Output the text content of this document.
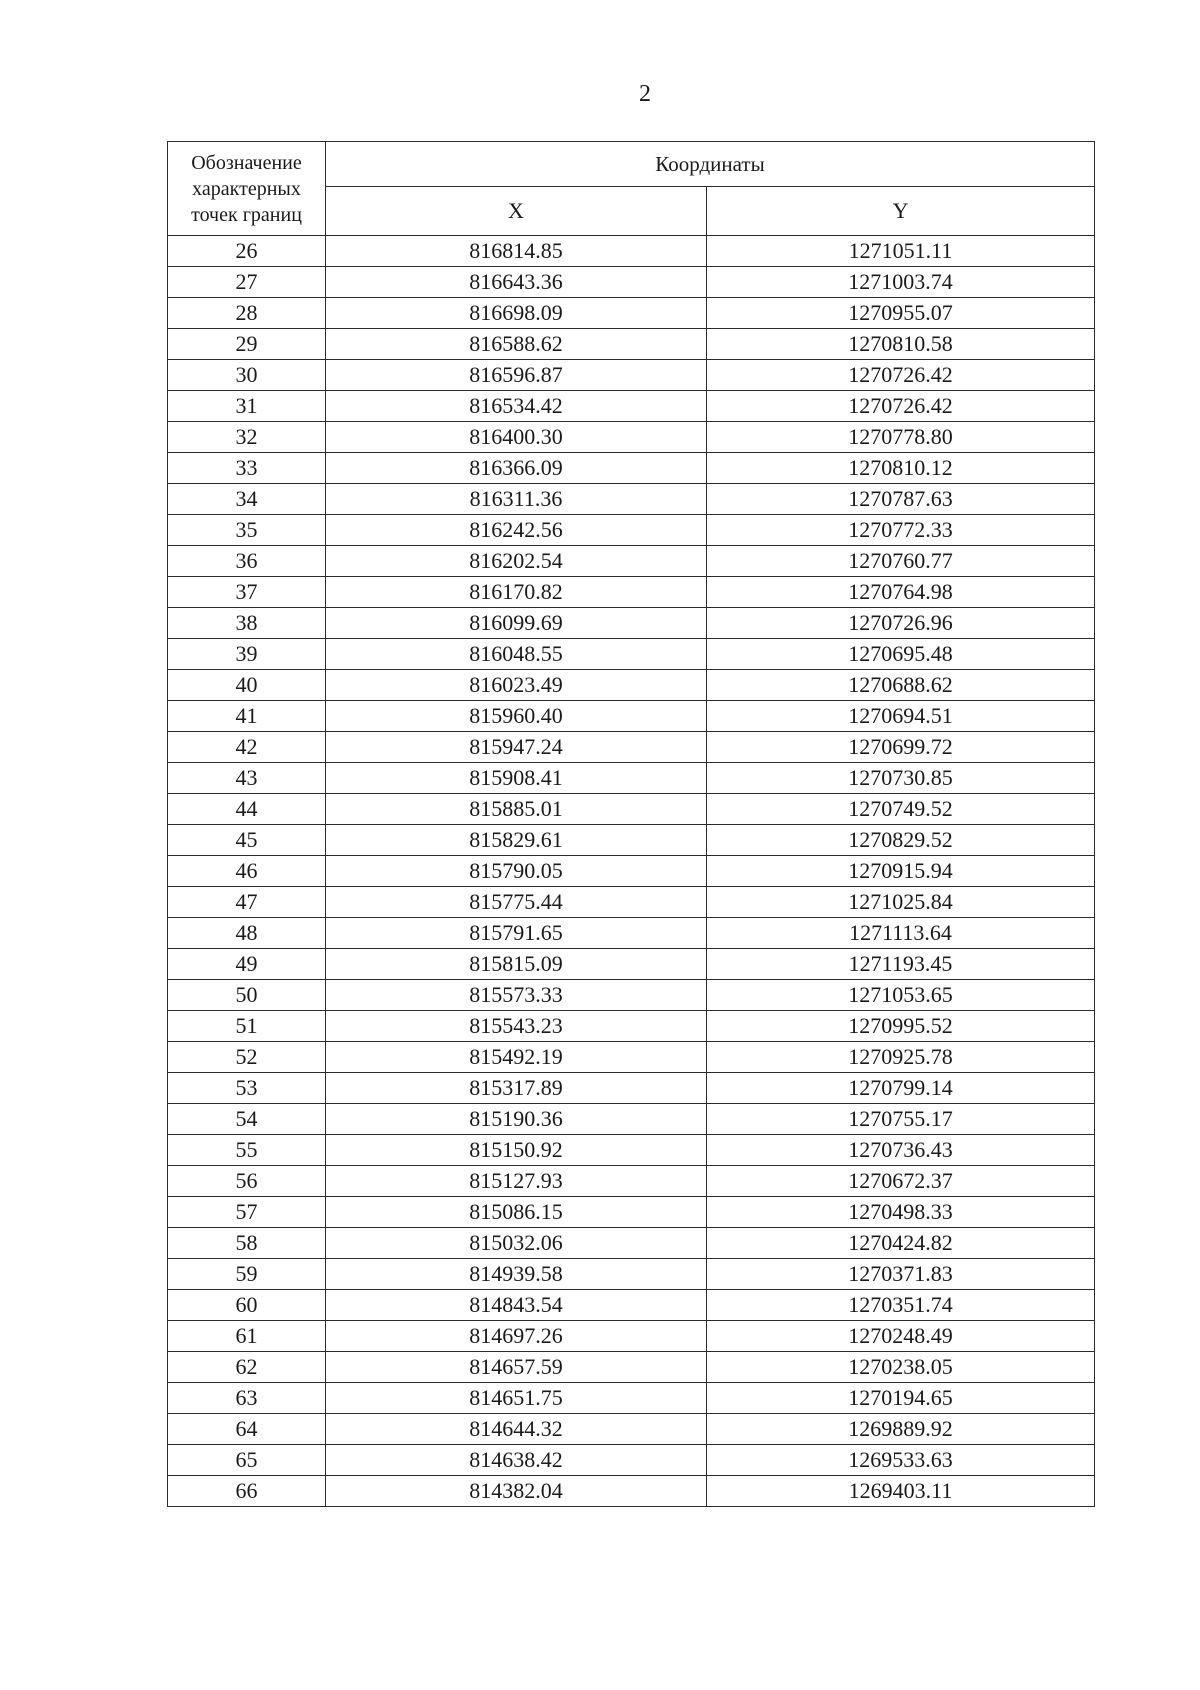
2
Обозначение характерных точек границ	Координаты	
	X	Y
26	816814.85	1271051.11
27	816643.36	1271003.74
28	816698.09	1270955.07
29	816588.62	1270810.58
30	816596.87	1270726.42
31	816534.42	1270726.42
32	816400.30	1270778.80
33	816366.09	1270810.12
34	816311.36	1270787.63
35	816242.56	1270772.33
36	816202.54	1270760.77
37	816170.82	1270764.98
38	816099.69	1270726.96
39	816048.55	1270695.48
40	816023.49	1270688.62
41	815960.40	1270694.51
42	815947.24	1270699.72
43	815908.41	1270730.85
44	815885.01	1270749.52
45	815829.61	1270829.52
46	815790.05	1270915.94
47	815775.44	1271025.84
48	815791.65	1271113.64
49	815815.09	1271193.45
50	815573.33	1271053.65
51	815543.23	1270995.52
52	815492.19	1270925.78
53	815317.89	1270799.14
54	815190.36	1270755.17
55	815150.92	1270736.43
56	815127.93	1270672.37
57	815086.15	1270498.33
58	815032.06	1270424.82
59	814939.58	1270371.83
60	814843.54	1270351.74
61	814697.26	1270248.49
62	814657.59	1270238.05
63	814651.75	1270194.65
64	814644.32	1269889.92
65	814638.42	1269533.63
66	814382.04	1269403.11
